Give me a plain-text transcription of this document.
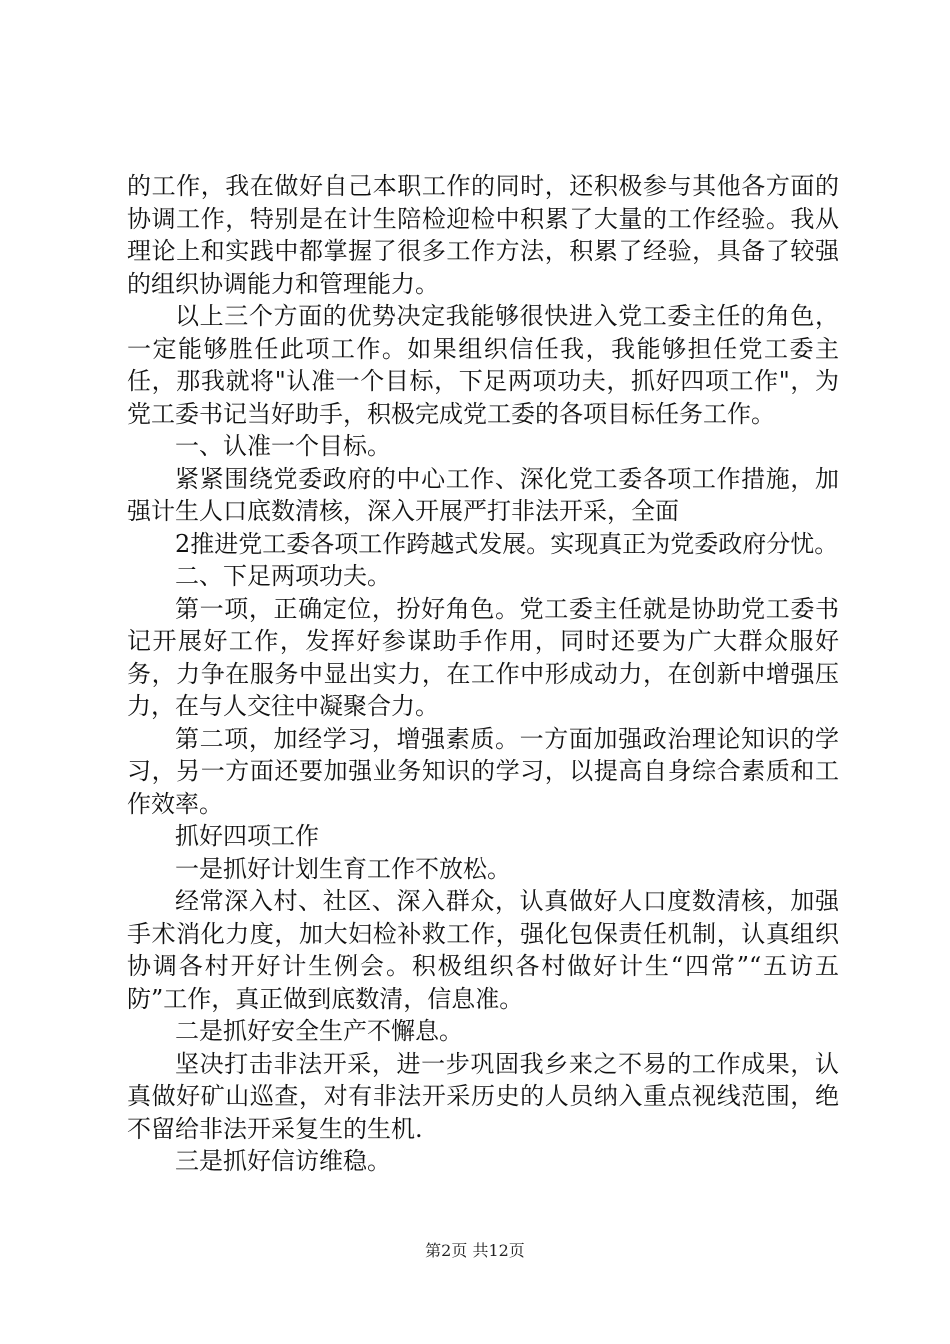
的工作，我在做好自己本职工作的同时，还积极参与其他各方面的协调工作，特别是在计生陪检迎检中积累了大量的工作经验。我从理论上和实践中都掌握了很多工作方法，积累了经验，具备了较强的组织协调能力和管理能力。

以上三个方面的优势决定我能够很快进入党工委主任的角色，一定能够胜任此项工作。如果组织信任我，我能够担任党工委主任，那我就将"认准一个目标，下足两项功夫，抓好四项工作"，为党工委书记当好助手，积极完成党工委的各项目标任务工作。

一、认准一个目标。

紧紧围绕党委政府的中心工作、深化党工委各项工作措施，加强计生人口底数清核，深入开展严打非法开采，全面

2推进党工委各项工作跨越式发展。实现真正为党委政府分忧。

二、下足两项功夫。

第一项，正确定位，扮好角色。党工委主任就是协助党工委书记开展好工作，发挥好参谋助手作用，同时还要为广大群众服好务，力争在服务中显出实力，在工作中形成动力，在创新中增强压力，在与人交往中凝聚合力。

第二项，加经学习，增强素质。一方面加强政治理论知识的学习，另一方面还要加强业务知识的学习，以提高自身综合素质和工作效率。

抓好四项工作

一是抓好计划生育工作不放松。

经常深入村、社区、深入群众，认真做好人口度数清核，加强手术消化力度，加大妇检补救工作，强化包保责任机制，认真组织协调各村开好计生例会。积极组织各村做好计生“四常”“五访五防”工作，真正做到底数清，信息准。

二是抓好安全生产不懈息。

坚决打击非法开采，进一步巩固我乡来之不易的工作成果，认真做好矿山巡查，对有非法开采历史的人员纳入重点视线范围，绝不留给非法开采复生的生机.

三是抓好信访维稳。

第2页 共12页
